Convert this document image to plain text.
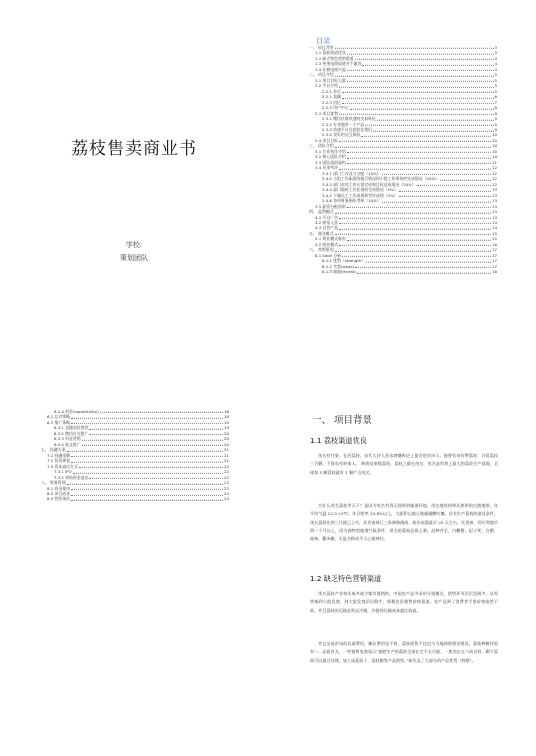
荔枝售卖商业书
学校:
策划团队
目录
一、 项目背景	3
1.1 荔枝渠道优良	3
1.2 缺乏特色营销渠道	3
1.3 传统电商渠道并不兼容	4
1.4 社群电商兴起	4
二、 项目介绍	5
2.1 项目目标人群	5
2.2 平台介绍	5
2.2.1 首页	5
2.2.2 直播	6
2.2.3 回忆	7
2.2.3 用户中心	8
2.3 项目优势	9
2.3.1 微信社群快速的交易转化	9
2.3.2 专业地讲一个产品	9
2.3.3 快速平台在此收在我们	9
2.3.4 良好的交互体验	10
2.4 项目目标	10
三、 团队介绍	10
3.1 合作伙伴介绍	10
3.2 核心团队介绍	10
3.3 团队组织架构	11
3.4 业绩考评	12
3.4.1 部门工作及与分配（10%）	12
3.4.2 小组工作职责的履行情况和小组工作绩效的完成情况（20%）	12
3.4.3 部门布项工作计划完成和目标达成情况（20%）	12
3.4.4 部门临时工作任务的完成情况（5%）	13
3.4.5 下属员工工作表现和考评成绩（5%）	13
3.4.6 各项财务指标考核（10%）	13
3.5 薪资分配原则	13
四、 盈利模式	13
4.1 平台广告	13
4.2 商家入驻	14
4.3 自营产品	14
五、 商业模式	15
5.1 商业模式画布	15
5.2 商业模式	16
六、 营销策划	17
6.1 Swot 分析	17
6.1.1 优势（strength）	17
6.1.2 劣势(weak)	17
6.1.3 威胁(threat)	18
6.1.4 机会(opportunity)	18
6.2 总对策略	18
6.3 推广策略	19
6.3.1 直播卖价推荐	19
6.3.2 微信社交推广	20
6.3.3 抖音营销	20
6.3.4 软文推广	20
七、 投融方案	21
7.1 投融金额	21
7.2 投资规划	21
7.3 资本退出方式	22
7.3.1 IPO	22
7.3.2 初始资金退出	22
八、 财务管理	23
8.1 资金使用	23
8.2 项目成本	24
8.3 营收预估	24
一、 项目背景
1.1 荔枝渠道优良
茂名有往果，在河荔枝，宋代大诗人苏东坡继称史上最会吃的诗人，他曾有诗句赞荔枝：日啖荔枝三百颗，不辞长作岭南人。 岭南佳果数荔枝，荔枝之最在茂名，茂名是世界上最大的荔枝生产基地，全球每 5 颗荔枝就有 1 颗产自茂名。
为什么茂名荔枝甲天下？是因为茂名有得天独厚的地理环境，茂名地处热带亚热带的过渡地带，年平均气温 22.5-23℃，年日照率 35.4%以上，大面积山地丘陵属燥酸红壤，具有生产荔枝的最佳条件。茂名荔枝在四三月就已上市，比有南珠江三角洲和闽南、桂东南荔最早 20 天左右，比贵州、四川等地早两一个月以上，因为独特的地理气候条件，茂名的荔枝品质上乘，品种齐全，白糖罂、妃子笑、白腊、桂味、糯米糍、无是名称成令人心驰神往。
1.2 缺乏特色营销渠道
茂名荔枝产业每年或多或少都有滞销的，中国农产品多采用分销模式，销售环节层层盘剥多，从零售端到小批发商，到大批发商层层倒手，即便农民销售价格很低，农产品到了消费者手里价格依然不低，并且荔枝的运输必须走冷链，冷链的运输成本就比较高。
并且交易市场的店面费用，摊位费用也不低，荔枝销售不佳也与当地网络建设建设，荔枝种植经验有一，品质有关，一些销售电商表示“最肥生产的荔枝全部在完不太可能，一般卖出五六成这样，剩下荔枝可以通过处理，加工成荔枝干、荔枝酿等产品销售。”却失去了大部分的产品优势（鲜紫）。
